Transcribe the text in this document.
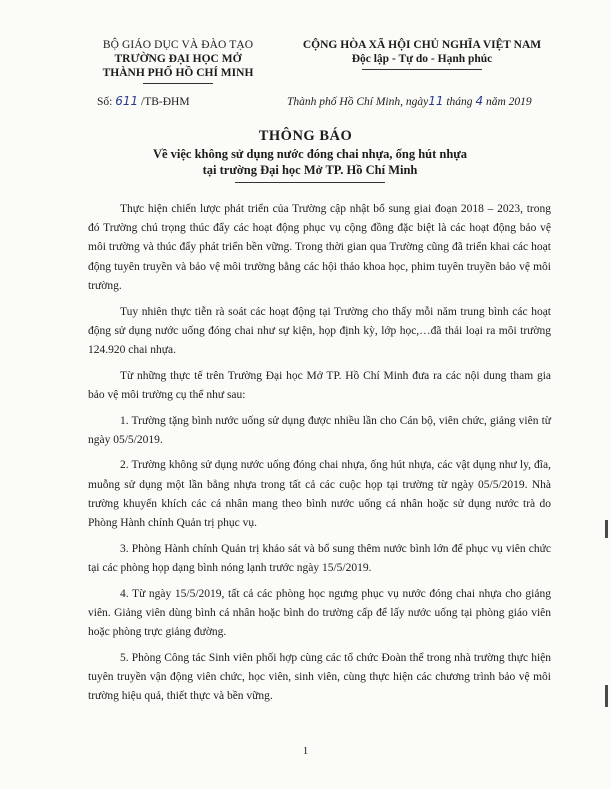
BỘ GIÁO DỤC VÀ ĐÀO TẠO
TRƯỜNG ĐẠI HỌC MỞ
THÀNH PHỐ HỒ CHÍ MINH
CỘNG HÒA XÃ HỘI CHỦ NGHĨA VIỆT NAM
Độc lập - Tự do - Hạnh phúc
Số: 611 /TB-ĐHM	Thành phố Hồ Chí Minh, ngày11 tháng 4 năm 2019
THÔNG BÁO
Về việc không sử dụng nước đóng chai nhựa, ống hút nhựa
tại trường Đại học Mở TP. Hồ Chí Minh

Thực hiện chiến lược phát triển của Trường cập nhật bổ sung giai đoạn 2018 – 2023, trong đó Trường chú trọng thúc đẩy các hoạt động phục vụ cộng đồng đặc biệt là các hoạt động bảo vệ môi trường và thúc đẩy phát triển bền vững. Trong thời gian qua Trường cũng đã triển khai các hoạt động tuyên truyền và bảo vệ môi trường bằng các hội thảo khoa học, phim tuyên truyền bảo vệ môi trường.

Tuy nhiên thực tiễn rà soát các hoạt động tại Trường cho thấy mỗi năm trung bình các hoạt động sử dụng nước uống đóng chai như sự kiện, họp định kỳ, lớp học,…đã thải loại ra môi trường 124.920 chai nhựa.

Từ những thực tế trên Trường Đại học Mở TP. Hồ Chí Minh đưa ra các nội dung tham gia bảo vệ môi trường cụ thể như sau:

1. Trường tặng bình nước uống sử dụng được nhiều lần cho Cán bộ, viên chức, giảng viên từ ngày 05/5/2019.

2. Trường không sử dụng nước uống đóng chai nhựa, ống hút nhựa, các vật dụng như ly, đĩa, muỗng sử dụng một lần bằng nhựa trong tất cả các cuộc họp tại trường từ ngày 05/5/2019. Nhà trường khuyến khích các cá nhân mang theo bình nước uống cá nhân hoặc sử dụng nước trà do Phòng Hành chính Quản trị phục vụ.

3. Phòng Hành chính Quản trị khảo sát và bổ sung thêm nước bình lớn để phục vụ viên chức tại các phòng họp dạng bình nóng lạnh trước ngày 15/5/2019.

4. Từ ngày 15/5/2019, tất cả các phòng học ngưng phục vụ nước đóng chai nhựa cho giảng viên. Giảng viên dùng bình cá nhân hoặc bình do trường cấp để lấy nước uống tại phòng giáo viên hoặc phòng trực giảng đường.

5. Phòng Công tác Sinh viên phối hợp cùng các tổ chức Đoàn thể trong nhà trường thực hiện tuyên truyền vận động viên chức, học viên, sinh viên, cùng thực hiện các chương trình bảo vệ môi trường hiệu quả, thiết thực và bền vững.

1
